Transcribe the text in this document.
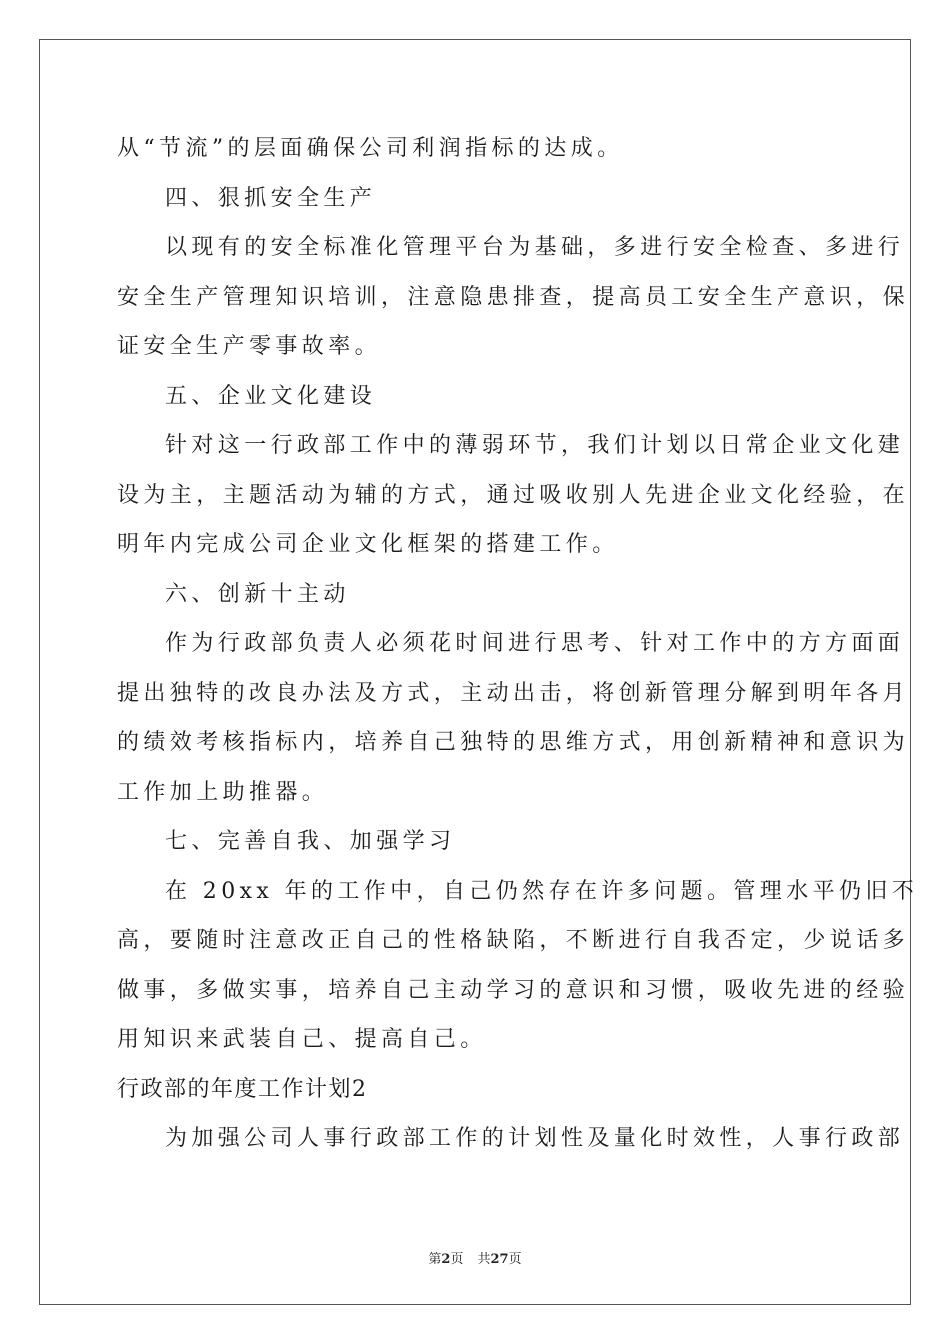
从“节流”的层面确保公司利润指标的达成。
四、狠抓安全生产
以现有的安全标准化管理平台为基础，多进行安全检查、多进行
安全生产管理知识培训，注意隐患排查，提高员工安全生产意识，保
证安全生产零事故率。
五、企业文化建设
针对这一行政部工作中的薄弱环节，我们计划以日常企业文化建
设为主，主题活动为辅的方式，通过吸收别人先进企业文化经验，在
明年内完成公司企业文化框架的搭建工作。
六、创新十主动
作为行政部负责人必须花时间进行思考、针对工作中的方方面面
提出独特的改良办法及方式，主动出击，将创新管理分解到明年各月
的绩效考核指标内，培养自己独特的思维方式，用创新精神和意识为
工作加上助推器。
七、完善自我、加强学习
在 20xx 年的工作中，自己仍然存在许多问题。管理水平仍旧不
高，要随时注意改正自己的性格缺陷，不断进行自我否定，少说话多
做事，多做实事，培养自己主动学习的意识和习惯，吸收先进的经验
用知识来武装自己、提高自己。
行政部的年度工作计划2
为加强公司人事行政部工作的计划性及量化时效性，人事行政部
第2页 共27页
